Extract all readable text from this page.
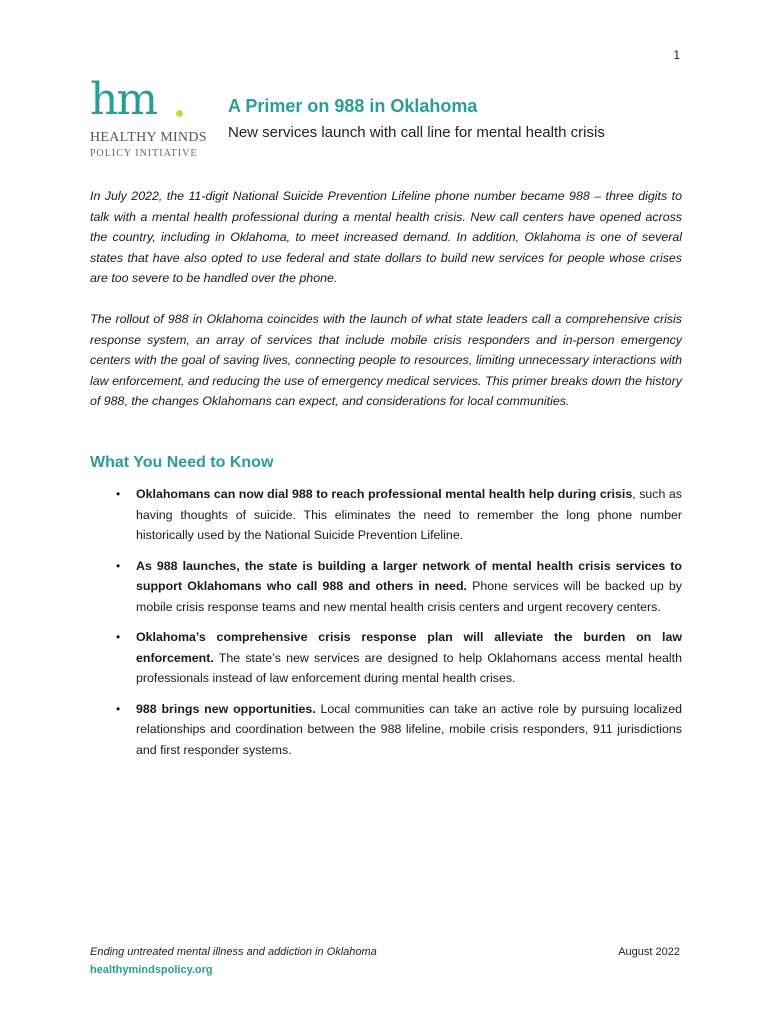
1
hm
HEALTHY MINDS
POLICY INITIATIVE
A Primer on 988 in Oklahoma
New services launch with call line for mental health crisis

In July 2022, the 11-digit National Suicide Prevention Lifeline phone number became 988 – three digits to talk with a mental health professional during a mental health crisis. New call centers have opened across the country, including in Oklahoma, to meet increased demand. In addition, Oklahoma is one of several states that have also opted to use federal and state dollars to build new services for people whose crises are too severe to be handled over the phone.

The rollout of 988 in Oklahoma coincides with the launch of what state leaders call a comprehensive crisis response system, an array of services that include mobile crisis responders and in-person emergency centers with the goal of saving lives, connecting people to resources, limiting unnecessary interactions with law enforcement, and reducing the use of emergency medical services. This primer breaks down the history of 988, the changes Oklahomans can expect, and considerations for local communities.

What You Need to Know
• Oklahomans can now dial 988 to reach professional mental health help during crisis, such as having thoughts of suicide. This eliminates the need to remember the long phone number historically used by the National Suicide Prevention Lifeline.
• As 988 launches, the state is building a larger network of mental health crisis services to support Oklahomans who call 988 and others in need. Phone services will be backed up by mobile crisis response teams and new mental health crisis centers and urgent recovery centers.
• Oklahoma’s comprehensive crisis response plan will alleviate the burden on law enforcement. The state’s new services are designed to help Oklahomans access mental health professionals instead of law enforcement during mental health crises.
• 988 brings new opportunities. Local communities can take an active role by pursuing localized relationships and coordination between the 988 lifeline, mobile crisis responders, 911 jurisdictions and first responder systems.
Ending untreated mental illness and addiction in Oklahoma
healthymindspolicy.org
August 2022
